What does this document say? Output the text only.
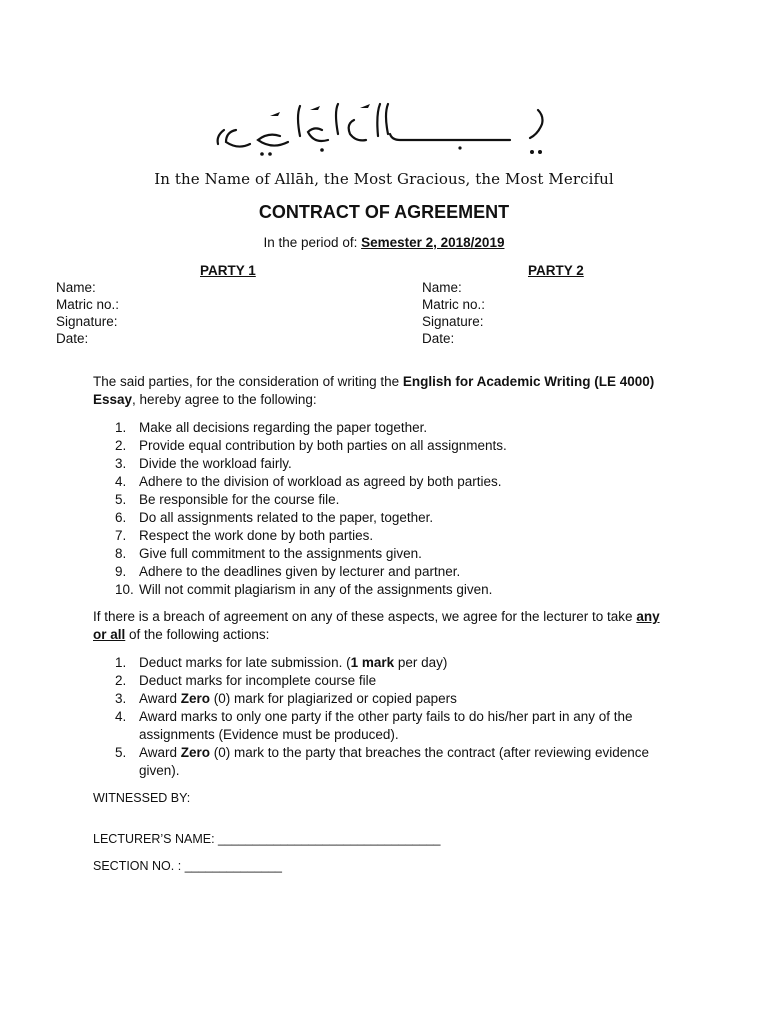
In the Name of Allāh, the Most Gracious, the Most Merciful
CONTRACT OF AGREEMENT
In the period of: Semester 2, 2018/2019
PARTY 1	PARTY 2
Name:
Matric no.:
Signature:
Date:
Name:
Matric no.:
Signature:
Date:
The said parties, for the consideration of writing the English for Academic Writing (LE 4000) Essay, hereby agree to the following:
1. Make all decisions regarding the paper together.
2. Provide equal contribution by both parties on all assignments.
3. Divide the workload fairly.
4. Adhere to the division of workload as agreed by both parties.
5. Be responsible for the course file.
6. Do all assignments related to the paper, together.
7. Respect the work done by both parties.
8. Give full commitment to the assignments given.
9. Adhere to the deadlines given by lecturer and partner.
10. Will not commit plagiarism in any of the assignments given.
If there is a breach of agreement on any of these aspects, we agree for the lecturer to take any or all of the following actions:
1. Deduct marks for late submission. (1 mark per day)
2. Deduct marks for incomplete course file
3. Award Zero (0) mark for plagiarized or copied papers
4. Award marks to only one party if the other party fails to do his/her part in any of the assignments (Evidence must be produced).
5. Award Zero (0) mark to the party that breaches the contract (after reviewing evidence given).
WITNESSED BY:
LECTURER’S NAME: ________________________________
SECTION NO. : ______________
